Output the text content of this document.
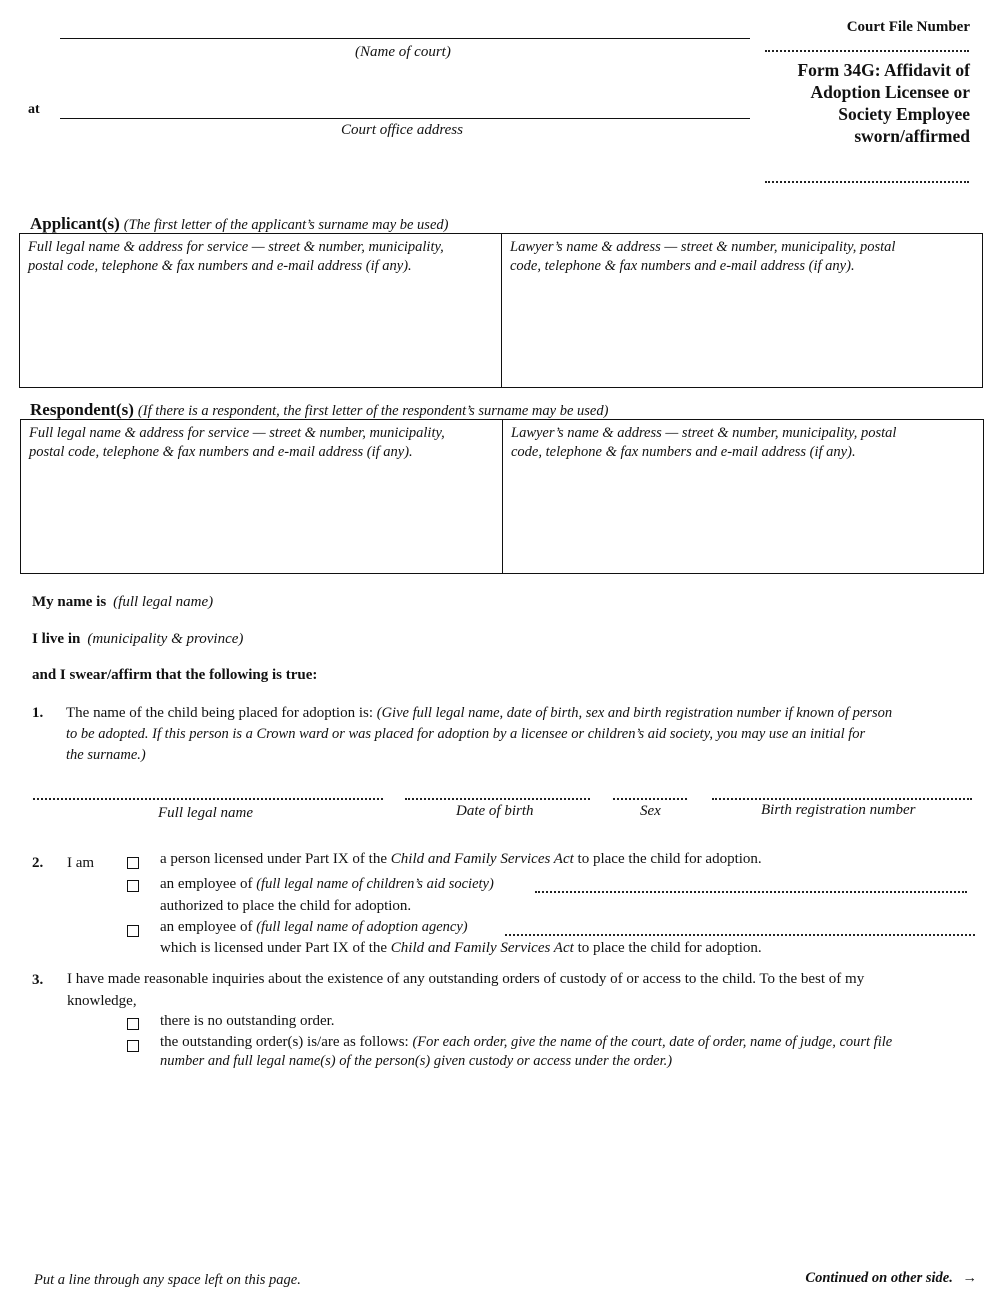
(Name of court)
at
Court office address
Court File Number
Form 34G: Affidavit of
Adoption Licensee or
Society Employee
sworn/affirmed
Applicant(s) (The first letter of the applicant’s surname may be used)
Full legal name & address for service — street & number, municipality,
postal code, telephone & fax numbers and e-mail address (if any).
Lawyer’s name & address — street & number, municipality, postal
code, telephone & fax numbers and e-mail address (if any).
Respondent(s) (If there is a respondent, the first letter of the respondent’s surname may be used)
Full legal name & address for service — street & number, municipality,
postal code, telephone & fax numbers and e-mail address (if any).
Lawyer’s name & address — street & number, municipality, postal
code, telephone & fax numbers and e-mail address (if any).
My name is (full legal name)
I live in (municipality & province)
and I swear/affirm that the following is true:
1. The name of the child being placed for adoption is: (Give full legal name, date of birth, sex and birth registration number if known of person
to be adopted. If this person is a Crown ward or was placed for adoption by a licensee or children’s aid society, you may use an initial for
the surname.)
Full legal name	Date of birth	Sex	Birth registration number
2. I am	a person licensed under Part IX of the Child and Family Services Act to place the child for adoption.
an employee of (full legal name of children’s aid society)
authorized to place the child for adoption.
an employee of (full legal name of adoption agency)
which is licensed under Part IX of the Child and Family Services Act to place the child for adoption.
3. I have made reasonable inquiries about the existence of any outstanding orders of custody of or access to the child. To the best of my
knowledge,
there is no outstanding order.
the outstanding order(s) is/are as follows: (For each order, give the name of the court, date of order, name of judge, court file
number and full legal name(s) of the person(s) given custody or access under the order.)
Put a line through any space left on this page.	Continued on other side. →
